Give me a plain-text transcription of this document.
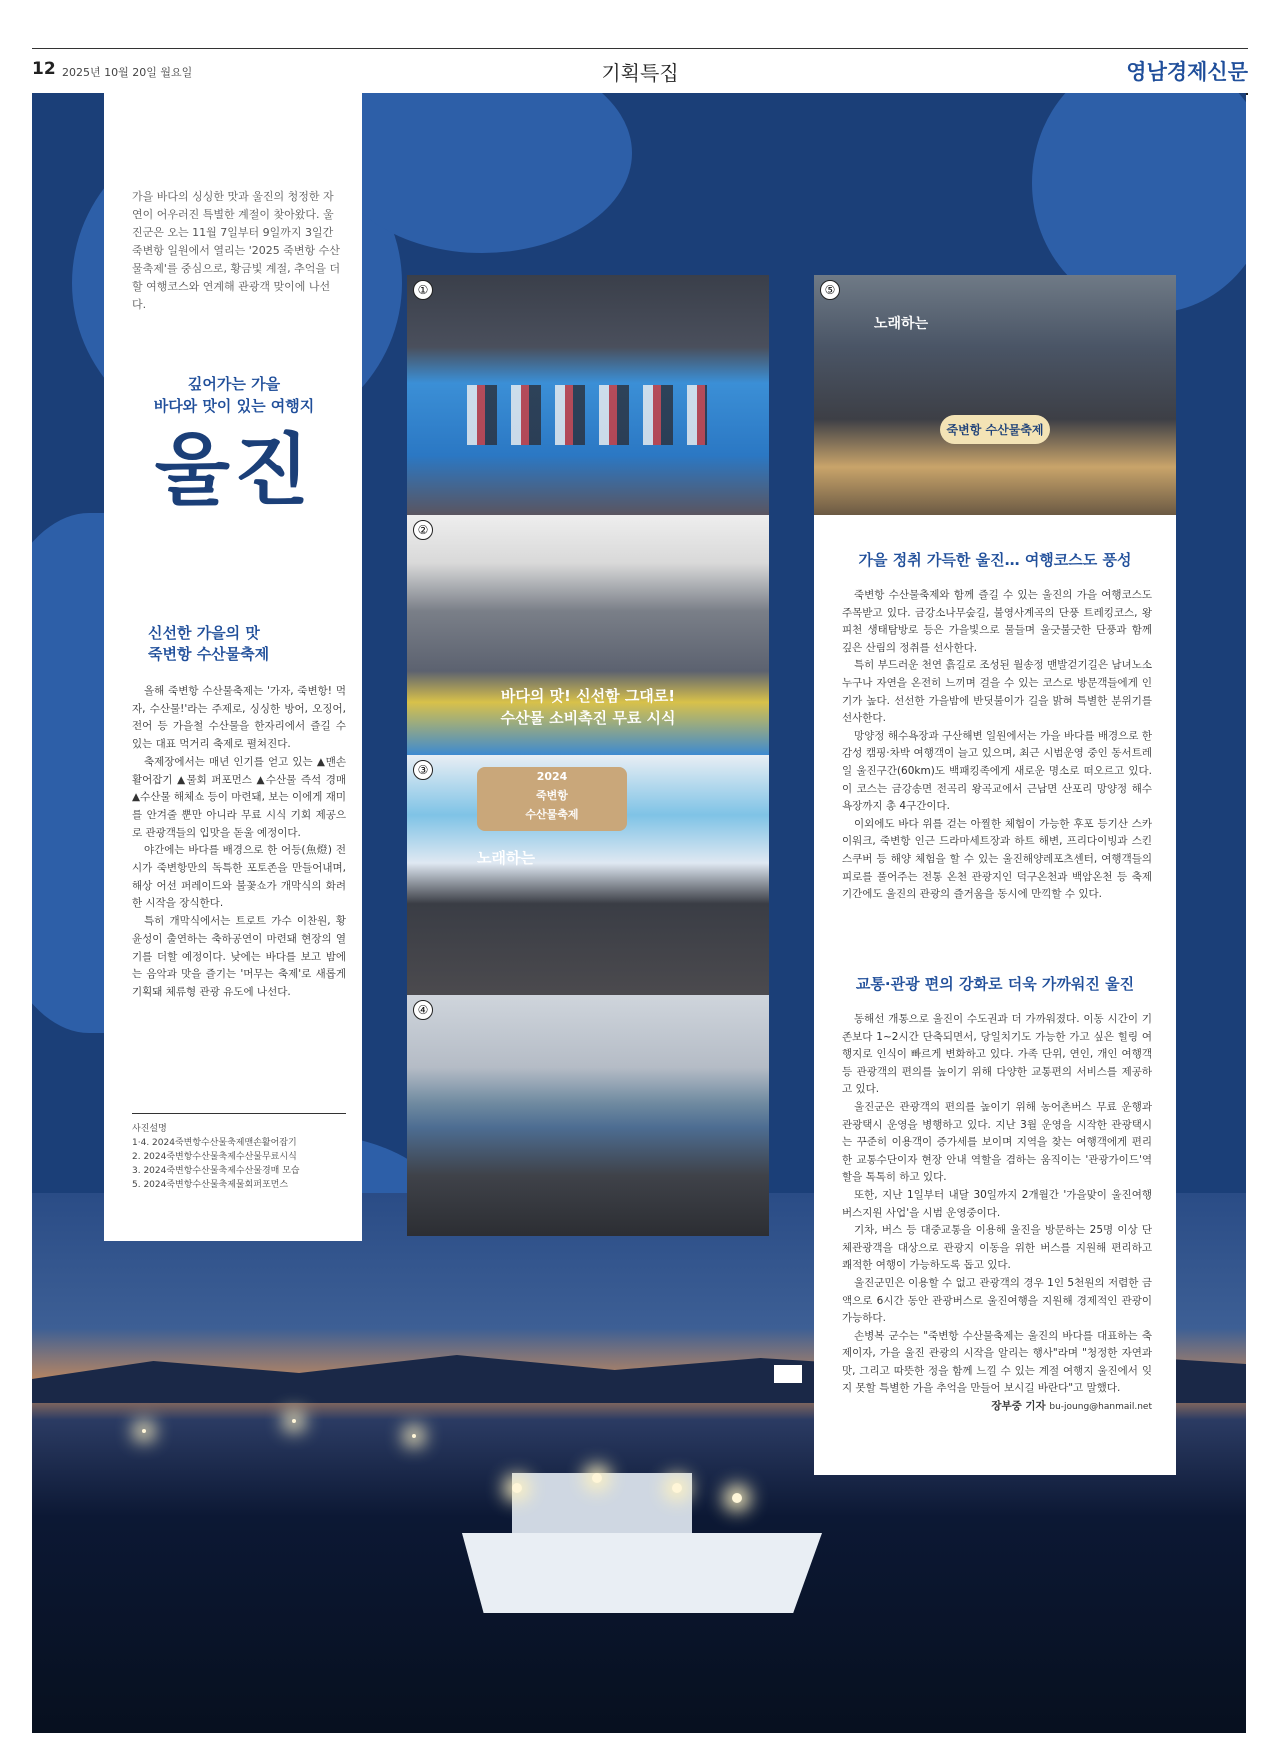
12 2025년 10월 20일 월요일	기획특집	영남경제신문
가을 바다의 싱싱한 맛과 울진의 청정한 자연이 어우러진 특별한 계절이 찾아왔다. 울진군은 오는 11월 7일부터 9일까지 3일간 죽변항 일원에서 열리는 '2025 죽변항 수산물축제'를 중심으로, 황금빛 계절, 추억을 더할 여행코스와 연계해 관광객 맞이에 나선다.
깊어가는 가을
바다와 맛이 있는 여행지
울진
신선한 가을의 맛
죽변항 수산물축제

올해 죽변항 수산물축제는 '가자, 죽변항! 먹자, 수산물!'라는 주제로, 싱싱한 방어, 오징어, 전어 등 가을철 수산물을 한자리에서 즐길 수 있는 대표 먹거리 축제로 펼쳐진다.

축제장에서는 매년 인기를 얻고 있는 ▲맨손 활어잡기 ▲물회 퍼포먼스 ▲수산물 즉석 경매 ▲수산물 해체쇼 등이 마련돼, 보는 이에게 재미를 안겨줄 뿐만 아니라 무료 시식 기회 제공으로 관광객들의 입맛을 돋울 예정이다.

야간에는 바다를 배경으로 한 어등(魚燈) 전시가 죽변항만의 독특한 포토존을 만들어내며, 해상 어선 퍼레이드와 불꽃쇼가 개막식의 화려한 시작을 장식한다.

특히 개막식에서는 트로트 가수 이찬원, 황윤성이 출연하는 축하공연이 마련돼 현장의 열기를 더할 예정이다. 낮에는 바다를 보고 밤에는 음악과 맛을 즐기는 '머무는 축제'로 새롭게 기획돼 체류형 관광 유도에 나선다.

사진설명
1·4. 2024죽변항수산물축제맨손활어잡기
2. 2024죽변항수산물축제수산물무료시식
3. 2024죽변항수산물축제수산물경매 모습
5. 2024죽변항수산물축제물회퍼포먼스
①
②
바다의 맛! 신선함 그대로!
수산물 소비촉진 무료 시식
③	2024
죽변항
수산물축제
노래하는
④
⑤
노래하는
죽변항 수산물축제
가을 정취 가득한 울진… 여행코스도 풍성

죽변항 수산물축제와 함께 즐길 수 있는 울진의 가을 여행코스도 주목받고 있다. 금강소나무숲길, 불영사계곡의 단풍 트레킹코스, 왕피천 생태탐방로 등은 가을빛으로 물들며 울긋불긋한 단풍과 함께 깊은 산림의 정취를 선사한다.

특히 부드러운 천연 흙길로 조성된 월송정 맨발걷기길은 남녀노소 누구나 자연을 온전히 느끼며 걸을 수 있는 코스로 방문객들에게 인기가 높다. 선선한 가을밤에 반딧불이가 길을 밝혀 특별한 분위기를 선사한다.

망양정 해수욕장과 구산해변 일원에서는 가을 바다를 배경으로 한 감성 캠핑·차박 여행객이 늘고 있으며, 최근 시범운영 중인 동서트레일 울진구간(60km)도 백패킹족에게 새로운 명소로 떠오르고 있다. 이 코스는 금강송면 전곡리 왕곡교에서 근남면 산포리 망양정 해수욕장까지 총 4구간이다.

이외에도 바다 위를 걷는 아찔한 체험이 가능한 후포 등기산 스카이워크, 죽변항 인근 드라마세트장과 하트 해변, 프리다이빙과 스킨스쿠버 등 해양 체험을 할 수 있는 울진해양레포츠센터, 여행객들의 피로를 풀어주는 전통 온천 관광지인 덕구온천과 백암온천 등 축제기간에도 울진의 관광의 즐거움을 동시에 만끽할 수 있다.

교통·관광 편의 강화로 더욱 가까워진 울진

동해선 개통으로 울진이 수도권과 더 가까워졌다. 이동 시간이 기존보다 1~2시간 단축되면서, 당일치기도 가능한 가고 싶은 힐링 여행지로 인식이 빠르게 변화하고 있다. 가족 단위, 연인, 개인 여행객 등 관광객의 편의를 높이기 위해 다양한 교통편의 서비스를 제공하고 있다.

울진군은 관광객의 편의를 높이기 위해 농어촌버스 무료 운행과 관광택시 운영을 병행하고 있다. 지난 3월 운영을 시작한 관광택시는 꾸준히 이용객이 증가세를 보이며 지역을 찾는 여행객에게 편리한 교통수단이자 현장 안내 역할을 겸하는 움직이는 '관광가이드'역할을 톡톡히 하고 있다.

또한, 지난 1일부터 내달 30일까지 2개월간 '가을맞이 울진여행 버스지원 사업'을 시범 운영중이다.

기차, 버스 등 대중교통을 이용해 울진을 방문하는 25명 이상 단체관광객을 대상으로 관광지 이동을 위한 버스를 지원해 편리하고 쾌적한 여행이 가능하도록 돕고 있다.

울진군민은 이용할 수 없고 관광객의 경우 1인 5천원의 저렴한 금액으로 6시간 동안 관광버스로 울진여행을 지원해 경제적인 관광이 가능하다.

손병복 군수는 "죽변항 수산물축제는 울진의 바다를 대표하는 축제이자, 가을 울진 관광의 시작을 알리는 행사"라며 "청정한 자연과 맛, 그리고 따뜻한 정을 함께 느낄 수 있는 계절 여행지 울진에서 잊지 못할 특별한 가을 추억을 만들어 보시길 바란다"고 말했다.

장부중 기자 bu-joung@hanmail.net
